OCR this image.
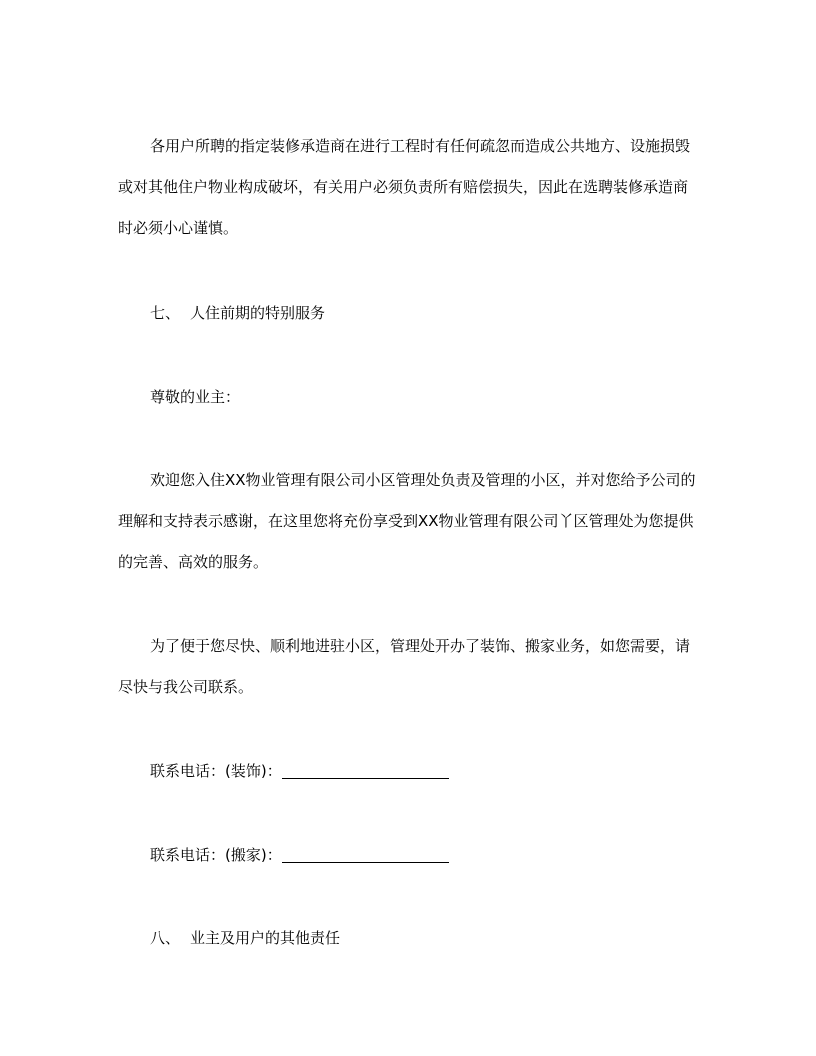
各用户所聘的指定装修承造商在进行工程时有任何疏忽而造成公共地方、设施损毁或对其他住户物业构成破坏，有关用户必须负责所有赔偿损失，因此在选聘装修承造商时必须小心谨慎。
七、 人住前期的特别服务
尊敬的业主：
欢迎您入住XX物业管理有限公司小区管理处负责及管理的小区，并对您给予公司的理解和支持表示感谢，在这里您将充份享受到XX物业管理有限公司丫区管理处为您提供的完善、高效的服务。
为了便于您尽快、顺利地进驻小区，管理处开办了装饰、搬家业务，如您需要，请尽快与我公司联系。
联系电话：(装饰)：
联系电话：(搬家)：
八、 业主及用户的其他责任
